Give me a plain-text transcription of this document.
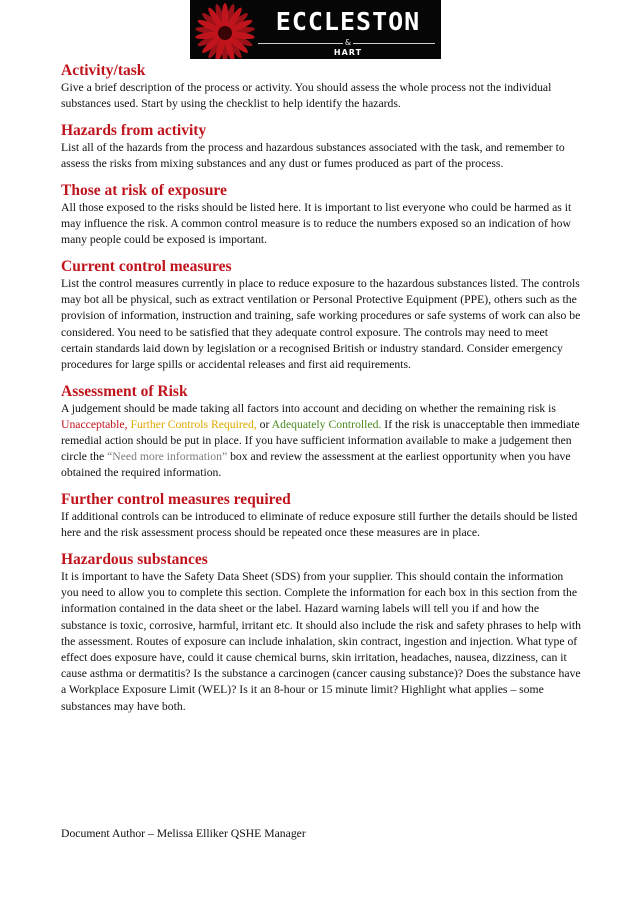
ECCLESTON
&
HART
Activity/task

Give a brief description of the process or activity. You should assess the whole process not the individual substances used. Start by using the checklist to help identify the hazards.

Hazards from activity

List all of the hazards from the process and hazardous substances associated with the task, and remember to assess the risks from mixing substances and any dust or fumes produced as part of the process.

Those at risk of exposure

All those exposed to the risks should be listed here. It is important to list everyone who could be harmed as it may influence the risk. A common control measure is to reduce the numbers exposed so an indication of how many people could be exposed is important.

Current control measures

List the control measures currently in place to reduce exposure to the hazardous substances listed. The controls may bot all be physical, such as extract ventilation or Personal Protective Equipment (PPE), others such as the provision of information, instruction and training, safe working procedures or safe systems of work can also be considered. You need to be satisfied that they adequate control exposure. The controls may need to meet certain standards laid down by legislation or a recognised British or industry standard. Consider emergency procedures for large spills or accidental releases and first aid requirements.

Assessment of Risk

A judgement should be made taking all factors into account and deciding on whether the remaining risk is Unacceptable, Further Controls Required, or Adequately Controlled. If the risk is unacceptable then immediate remedial action should be put in place. If you have sufficient information available to make a judgement then circle the “Need more information” box and review the assessment at the earliest opportunity when you have obtained the required information.

Further control measures required

If additional controls can be introduced to eliminate of reduce exposure still further the details should be listed here and the risk assessment process should be repeated once these measures are in place.

Hazardous substances

It is important to have the Safety Data Sheet (SDS) from your supplier. This should contain the information you need to allow you to complete this section. Complete the information for each box in this section from the information contained in the data sheet or the label. Hazard warning labels will tell you if and how the substance is toxic, corrosive, harmful, irritant etc. It should also include the risk and safety phrases to help with the assessment. Routes of exposure can include inhalation, skin contract, ingestion and injection. What type of effect does exposure have, could it cause chemical burns, skin irritation, headaches, nausea, dizziness, can it cause asthma or dermatitis? Is the substance a carcinogen (cancer causing substance)? Does the substance have a Workplace Exposure Limit (WEL)? Is it an 8-hour or 15 minute limit? Highlight what applies – some substances may have both.

Document Author – Melissa Elliker QSHE Manager
